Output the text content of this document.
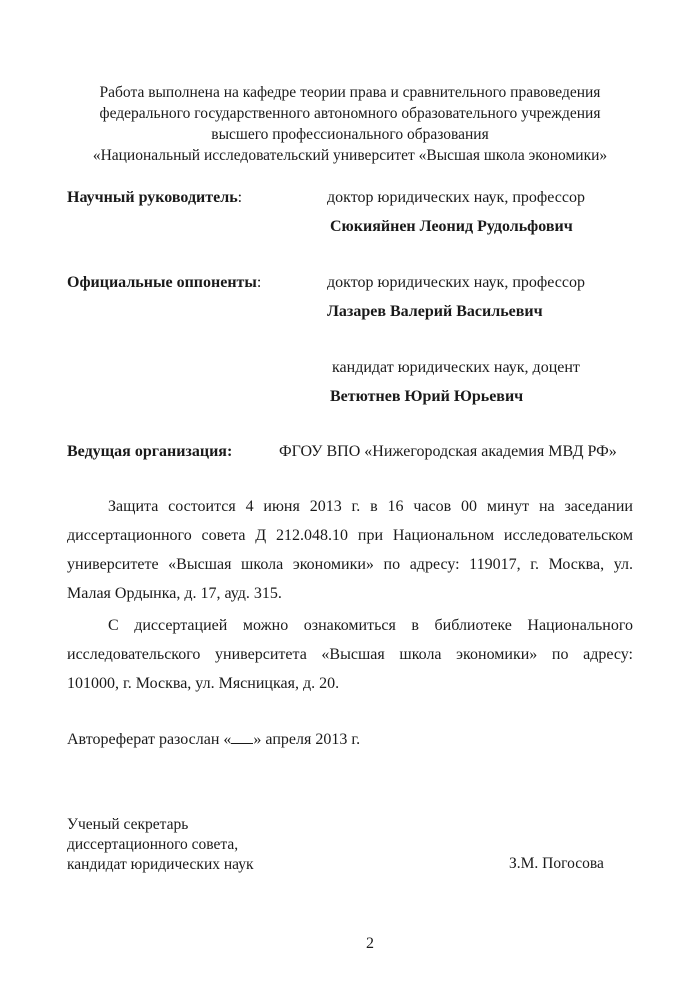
Работа выполнена на кафедре теории права и сравнительного правоведения
федерального государственного автономного образовательного учреждения
высшего профессионального образования
«Национальный исследовательский университет «Высшая школа экономики»
Научный руководитель:	доктор юридических наук, профессор
Сюкияйнен Леонид Рудольфович
Официальные оппоненты:	доктор юридических наук, профессор
Лазарев Валерий Васильевич
кандидат юридических наук, доцент
Ветютнев Юрий Юрьевич
Ведущая организация:	ФГОУ ВПО «Нижегородская академия МВД РФ»
Защита состоится 4 июня 2013 г. в 16 часов 00 минут на заседании
диссертационного совета Д 212.048.10 при Национальном исследовательском
университете «Высшая школа экономики» по адресу: 119017, г. Москва, ул.
Малая Ордынка, д. 17, ауд. 315.
С диссертацией можно ознакомиться в библиотеке Национального
исследовательского университета «Высшая школа экономики» по адресу:
101000, г. Москва, ул. Мясницкая, д. 20.
Автореферат разослан « » апреля 2013 г.
Ученый секретарь
диссертационного совета,
кандидат юридических наук	З.М. Погосова
2
